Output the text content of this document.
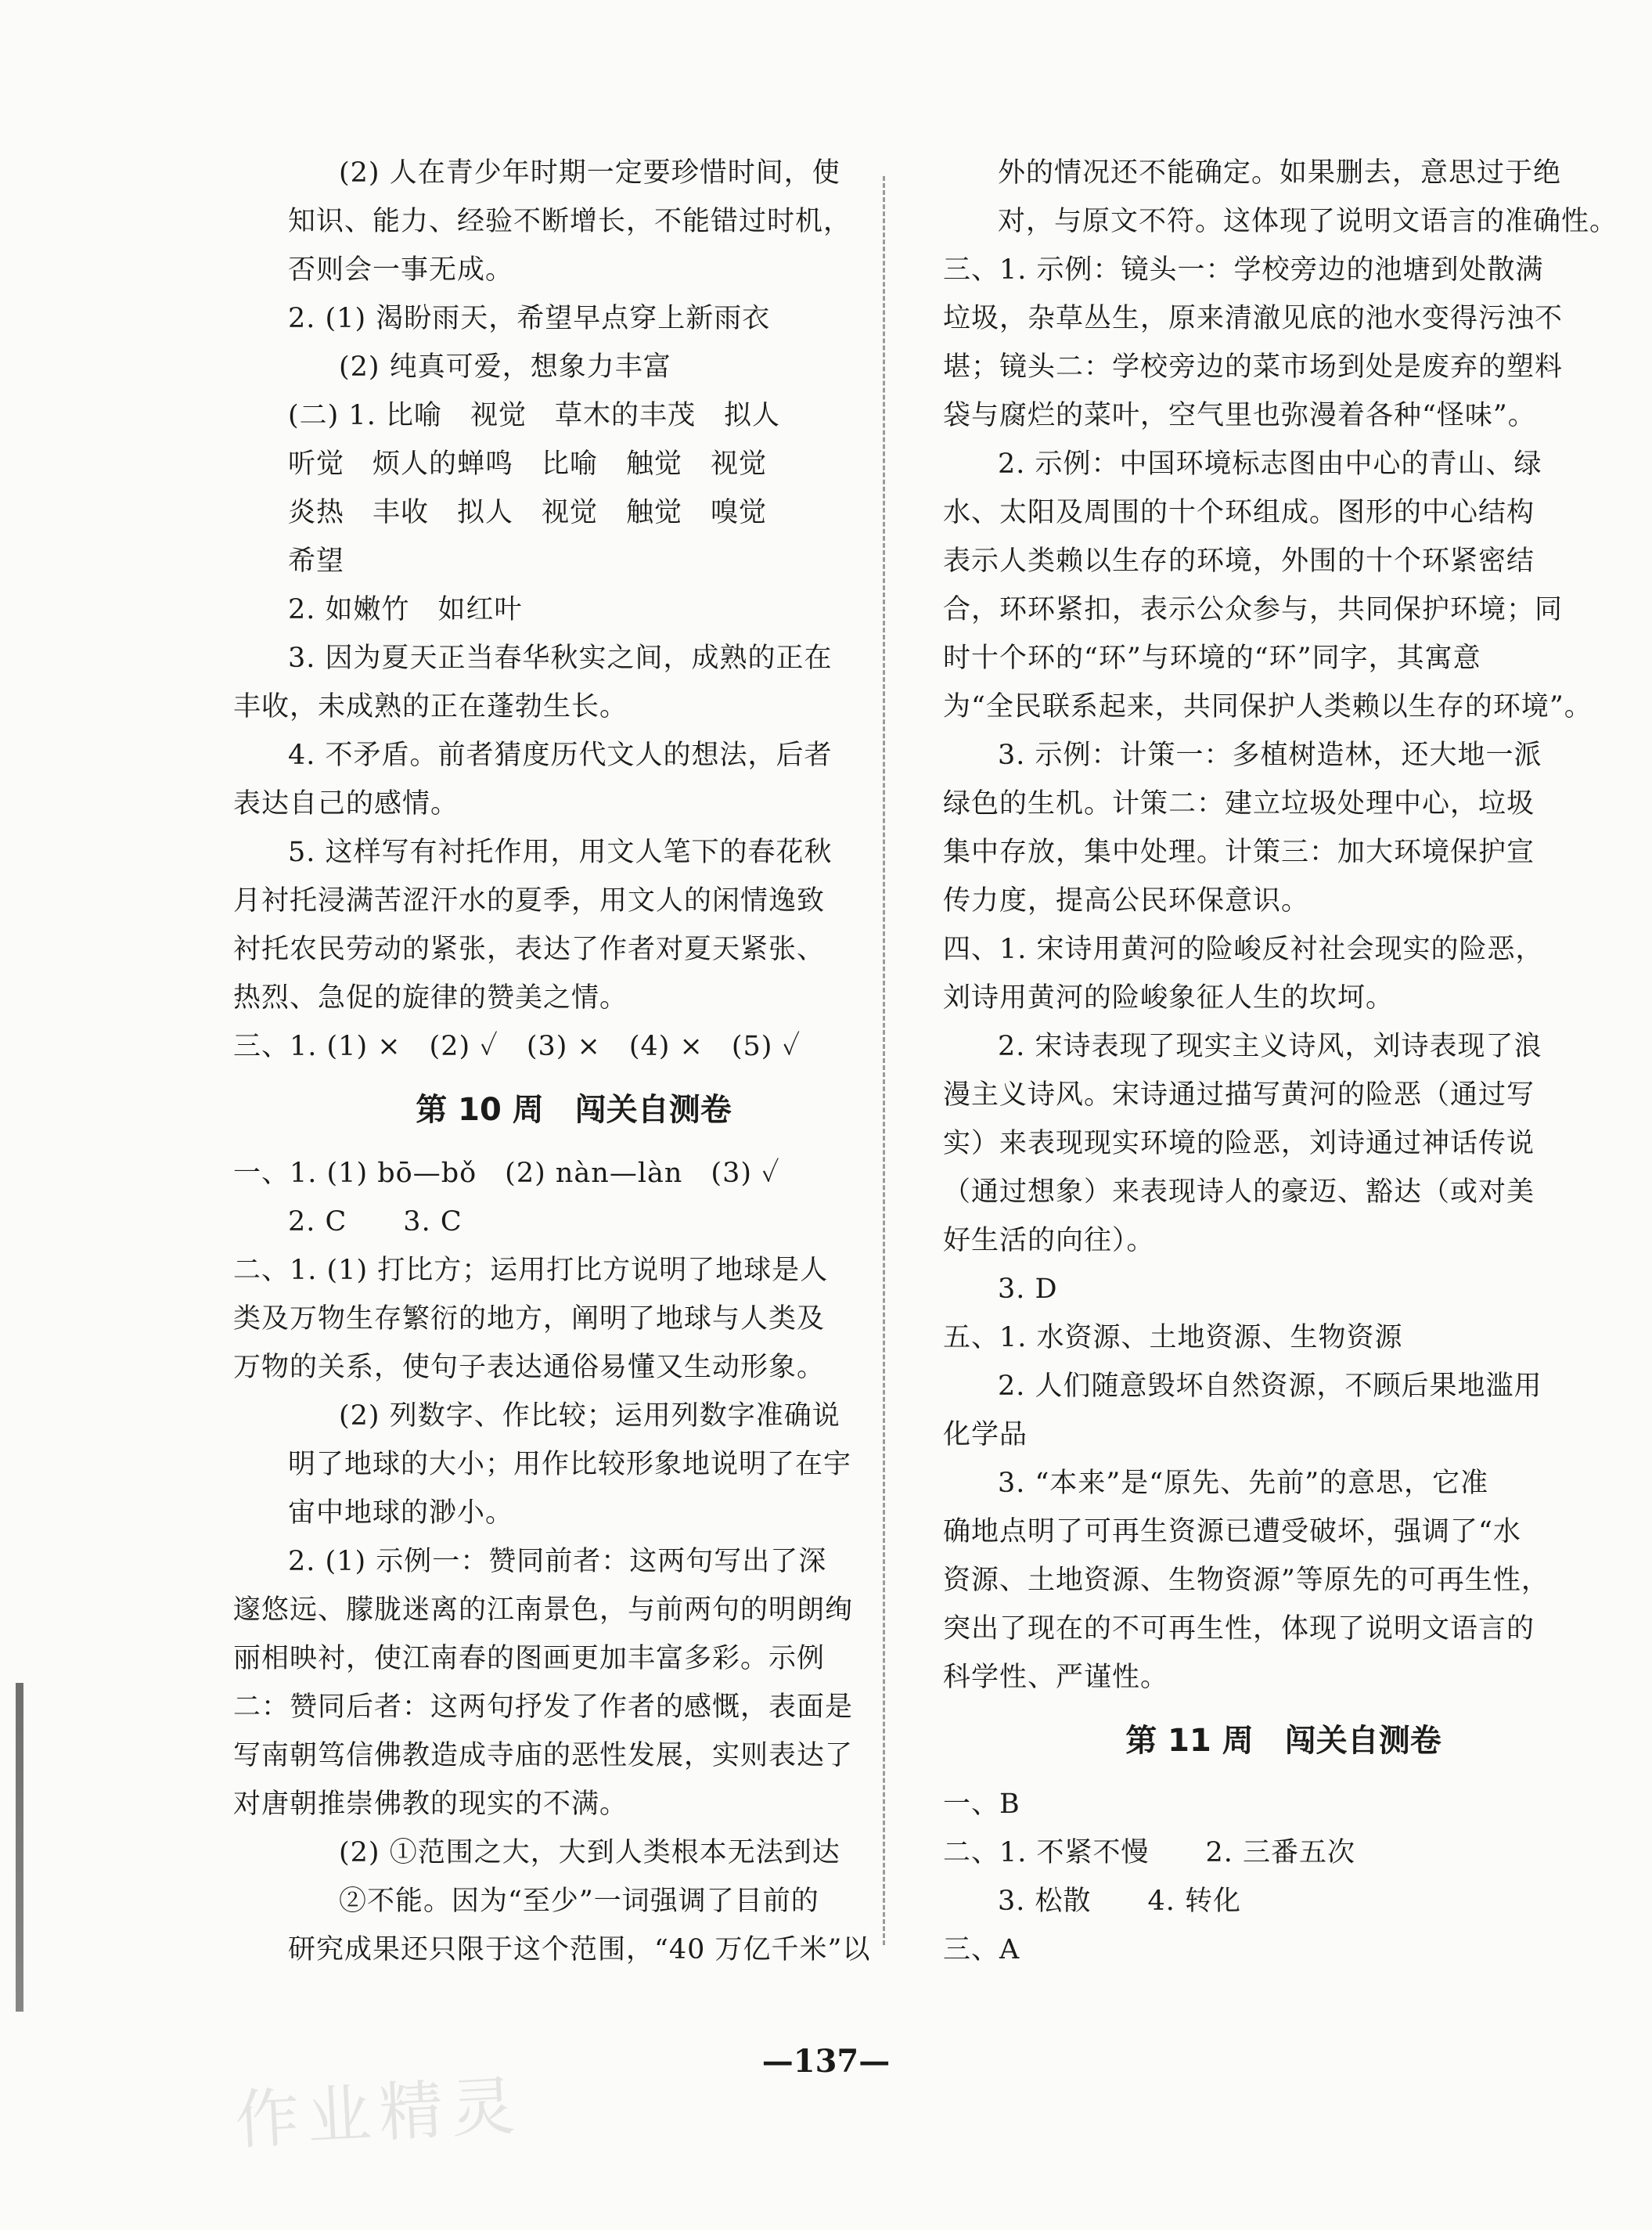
(2) 人在青少年时期一定要珍惜时间，使
知识、能力、经验不断增长，不能错过时机，
否则会一事无成。
2. (1) 渴盼雨天，希望早点穿上新雨衣
(2) 纯真可爱，想象力丰富
(二) 1. 比喻　视觉　草木的丰茂　拟人
听觉　烦人的蝉鸣　比喻　触觉　视觉
炎热　丰收　拟人　视觉　触觉　嗅觉
希望
2. 如嫩竹　如红叶
3. 因为夏天正当春华秋实之间，成熟的正在
丰收，未成熟的正在蓬勃生长。
4. 不矛盾。前者猜度历代文人的想法，后者
表达自己的感情。
5. 这样写有衬托作用，用文人笔下的春花秋
月衬托浸满苦涩汗水的夏季，用文人的闲情逸致
衬托农民劳动的紧张，表达了作者对夏天紧张、
热烈、急促的旋律的赞美之情。
三、1. (1) ×　(2) ✓　(3) ×　(4) ×　(5) ✓
第 10 周　闯关自测卷
一、1. (1) bō—bǒ　(2) nàn—làn　(3) ✓
2. C　　3. C
二、1. (1) 打比方；运用打比方说明了地球是人
类及万物生存繁衍的地方，阐明了地球与人类及
万物的关系，使句子表达通俗易懂又生动形象。
(2) 列数字、作比较；运用列数字准确说
明了地球的大小；用作比较形象地说明了在宇
宙中地球的渺小。
2. (1) 示例一：赞同前者：这两句写出了深
邃悠远、朦胧迷离的江南景色，与前两句的明朗绚
丽相映衬，使江南春的图画更加丰富多彩。示例
二：赞同后者：这两句抒发了作者的感慨，表面是
写南朝笃信佛教造成寺庙的恶性发展，实则表达了
对唐朝推崇佛教的现实的不满。
(2) ①范围之大，大到人类根本无法到达
②不能。因为“至少”一词强调了目前的
研究成果还只限于这个范围，“40 万亿千米”以
外的情况还不能确定。如果删去，意思过于绝
对，与原文不符。这体现了说明文语言的准确性。
三、1. 示例：镜头一：学校旁边的池塘到处散满
垃圾，杂草丛生，原来清澈见底的池水变得污浊不
堪；镜头二：学校旁边的菜市场到处是废弃的塑料
袋与腐烂的菜叶，空气里也弥漫着各种“怪味”。
2. 示例：中国环境标志图由中心的青山、绿
水、太阳及周围的十个环组成。图形的中心结构
表示人类赖以生存的环境，外围的十个环紧密结
合，环环紧扣，表示公众参与，共同保护环境；同
时十个环的“环”与环境的“环”同字，其寓意
为“全民联系起来，共同保护人类赖以生存的环境”。
3. 示例：计策一：多植树造林，还大地一派
绿色的生机。计策二：建立垃圾处理中心，垃圾
集中存放，集中处理。计策三：加大环境保护宣
传力度，提高公民环保意识。
四、1. 宋诗用黄河的险峻反衬社会现实的险恶，
刘诗用黄河的险峻象征人生的坎坷。
2. 宋诗表现了现实主义诗风，刘诗表现了浪
漫主义诗风。宋诗通过描写黄河的险恶（通过写
实）来表现现实环境的险恶，刘诗通过神话传说
（通过想象）来表现诗人的豪迈、豁达（或对美
好生活的向往）。
3. D
五、1. 水资源、土地资源、生物资源
2. 人们随意毁坏自然资源，不顾后果地滥用
化学品
3. “本来”是“原先、先前”的意思，它准
确地点明了可再生资源已遭受破坏，强调了“水
资源、土地资源、生物资源”等原先的可再生性，
突出了现在的不可再生性，体现了说明文语言的
科学性、严谨性。
第 11 周　闯关自测卷
一、B
二、1. 不紧不慢　　2. 三番五次
3. 松散　　4. 转化
三、A
—137—
作业精灵
